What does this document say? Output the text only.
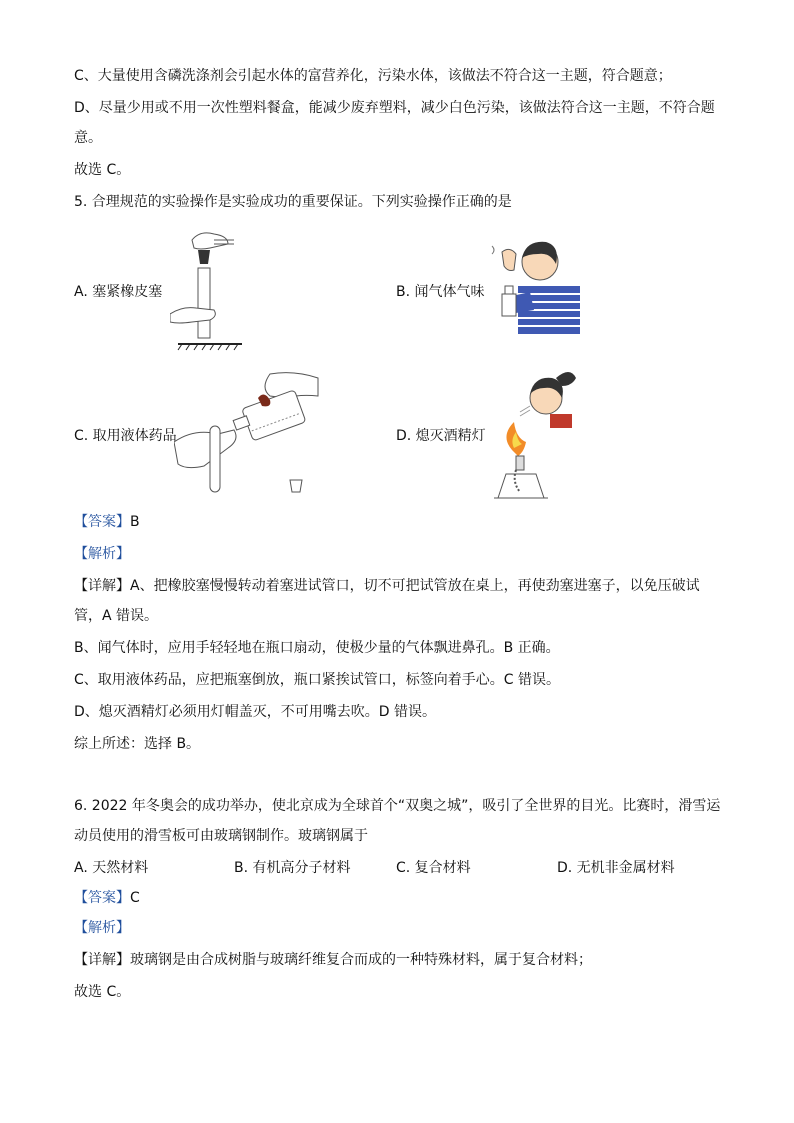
C、大量使用含磷洗涤剂会引起水体的富营养化，污染水体，该做法不符合这一主题，符合题意；
D、尽量少用或不用一次性塑料餐盒，能减少废弃塑料，减少白色污染，该做法符合这一主题，不符合题
意。
故选 C。
5. 合理规范的实验操作是实验成功的重要保证。下列实验操作正确的是
A. 塞紧橡皮塞	B. 闻气体气味
C. 取用液体药品	D. 熄灭酒精灯
【答案】B
【解析】
【详解】A、把橡胶塞慢慢转动着塞进试管口，切不可把试管放在桌上，再使劲塞进塞子，以免压破试
管，A 错误。
B、闻气体时，应用手轻轻地在瓶口扇动，使极少量的气体飘进鼻孔。B 正确。
C、取用液体药品，应把瓶塞倒放，瓶口紧挨试管口，标签向着手心。C 错误。
D、熄灭酒精灯必须用灯帽盖灭，不可用嘴去吹。D 错误。
综上所述：选择 B。
6. 2022 年冬奥会的成功举办，使北京成为全球首个“双奥之城”，吸引了全世界的目光。比赛时，滑雪运
动员使用的滑雪板可由玻璃钢制作。玻璃钢属于
A. 天然材料	B. 有机高分子材料	C. 复合材料	D. 无机非金属材料
【答案】C
【解析】
【详解】玻璃钢是由合成树脂与玻璃纤维复合而成的一种特殊材料，属于复合材料；
故选 C。
